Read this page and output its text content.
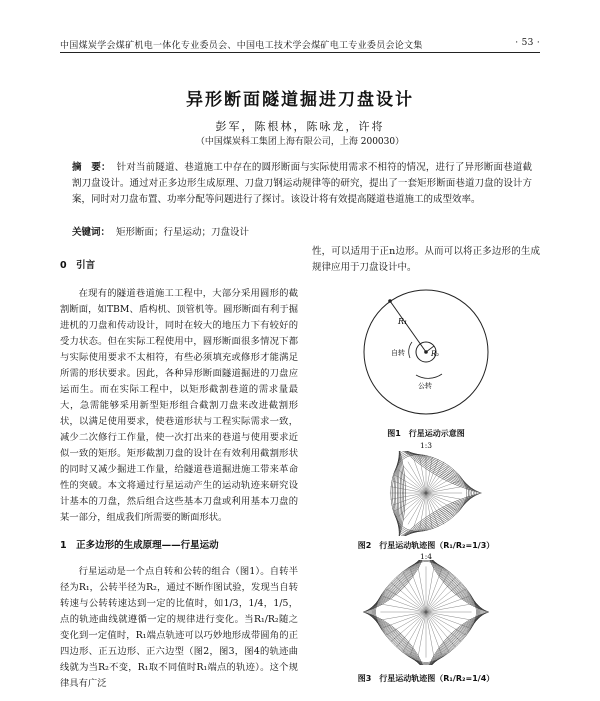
中国煤炭学会煤矿机电一体化专业委员会、中国电工技术学会煤矿电工专业委员会论文集	· 53 ·
异形断面隧道掘进刀盘设计
彭军，陈根林，陈咏龙，许将
（中国煤炭科工集团上海有限公司，上海 200030）
摘　要： 针对当前隧道、巷道施工中存在的圆形断面与实际使用需求不相符的情况，进行了异形断面巷道截割刀盘设计。通过对正多边形生成原理、刀盘刀钢运动规律等的研究，提出了一套矩形断面巷道刀盘的设计方案，同时对刀盘布置、功率分配等问题进行了探讨。该设计将有效提高隧道巷道施工的成型效率。
关键词： 矩形断面；行星运动；刀盘设计
0　引言

在现有的隧道巷道施工工程中，大部分采用圆形的截割断面，如TBM、盾构机、顶管机等。圆形断面有利于掘进机的刀盘和传动设计，同时在较大的地压力下有较好的受力状态。但在实际工程使用中，圆形断面很多情况下都与实际使用要求不太相符，有些必须填充或修形才能满足所需的形状要求。因此，各种异形断面隧道掘进的刀盘应运而生。而在实际工程中，以矩形截割巷道的需求量最大，急需能够采用新型矩形组合截割刀盘来改进截割形状，以满足使用要求，使巷道形状与工程实际需求一致，减少二次修行工作量，使一次打出来的巷道与使用要求近似一致的矩形。矩形截割刀盘的设计在有效利用截割形状的同时又减少掘进工作量，给隧道巷道掘进施工带来革命性的突破。本文将通过行星运动产生的运动轨迹来研究设计基本的刀盘，然后组合这些基本刀盘或利用基本刀盘的某一部分，组成我们所需要的断面形状。

1　正多边形的生成原理——行星运动

行星运动是一个点自转和公转的组合（图1）。自转半径为R₁，公转半径为R₂，通过不断作图试验，发现当自转转速与公转转速达到一定的比值时，如1/3，1/4，1/5，点的轨迹曲线就遵循一定的规律进行变化。当R₁/R₂随之变化到一定值时，R₁端点轨迹可以巧妙地形成带圆角的正四边形、正五边形、正六边型（图2，图3，图4的轨迹曲线就为当R₂不变，R₁取不同值时R₁端点的轨迹）。这个规律具有广泛

性，可以适用于正n边形。从而可以将正多边形的生成规律应用于刀盘设计中。
R₁
R₂
自转
公转
图1　行星运动示意图
1:3
图2　行星运动轨迹图（R₁/R₂=1/3）
1:4
图3　行星运动轨迹图（R₁/R₂=1/4）
